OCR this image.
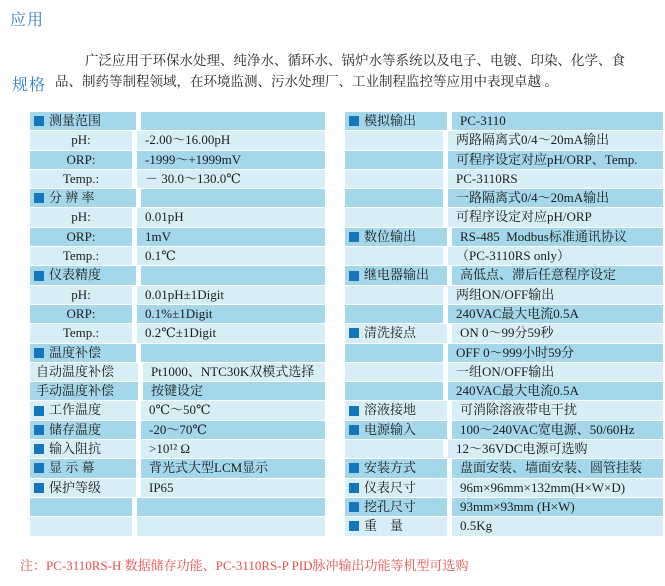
应用

广泛应用于环保水处理、纯净水、循环水、锅炉水等系统以及电子、电镀、印染、化学、食品、制药等制程领域，在环境监测、污水处理厂、工业制程监控等应用中表现卓越 。

规格
测量范围
pH:	-2.00～16.00pH
ORP:	-1999～+1999mV
Temp.:	－ 30.0～130.0℃
分 辨 率
pH:	0.01pH
ORP:	1mV
Temp.:	0.1℃
仪表精度
pH:	0.01pH±1Digit
ORP:	0.1%±1Digit
Temp.:	0.2℃±1Digit
温度补偿
自动温度补偿	Pt1000、NTC30K双模式选择
手动温度补偿	按键设定
工作温度	0℃～50℃
储存温度	-20～70℃
输入阻抗	>10¹² Ω
显 示 幕	背光式大型LCM显示
保护等级	IP65
模拟输出	PC-3110
两路隔离式0/4～20mA输出
可程序设定对应pH/ORP、Temp.
PC-3110RS
一路隔离式0/4～20mA输出
可程序设定对应pH/ORP
数位输出	RS-485  Modbus标准通讯协议
（PC-3110RS only）
继电器输出	高低点、滞后任意程序设定
两组ON/OFF输出
240VAC最大电流0.5A
清洗接点	ON 0～99分59秒
OFF 0～999小时59分
一组ON/OFF输出
240VAC最大电流0.5A
溶液接地	可消除溶液带电干扰
电源输入	100～240VAC宽电源、50/60Hz
12～36VDC电源可选购
安装方式	盘面安装、墙面安装、圆管挂装
仪表尺寸	96m×96mm×132mm(H×W×D)
挖孔尺寸	93mm×93mm (H×W)
重　量	0.5Kg
注：PC-3110RS-H 数据储存功能、PC-3110RS-P PID脉冲输出功能等机型可选购
